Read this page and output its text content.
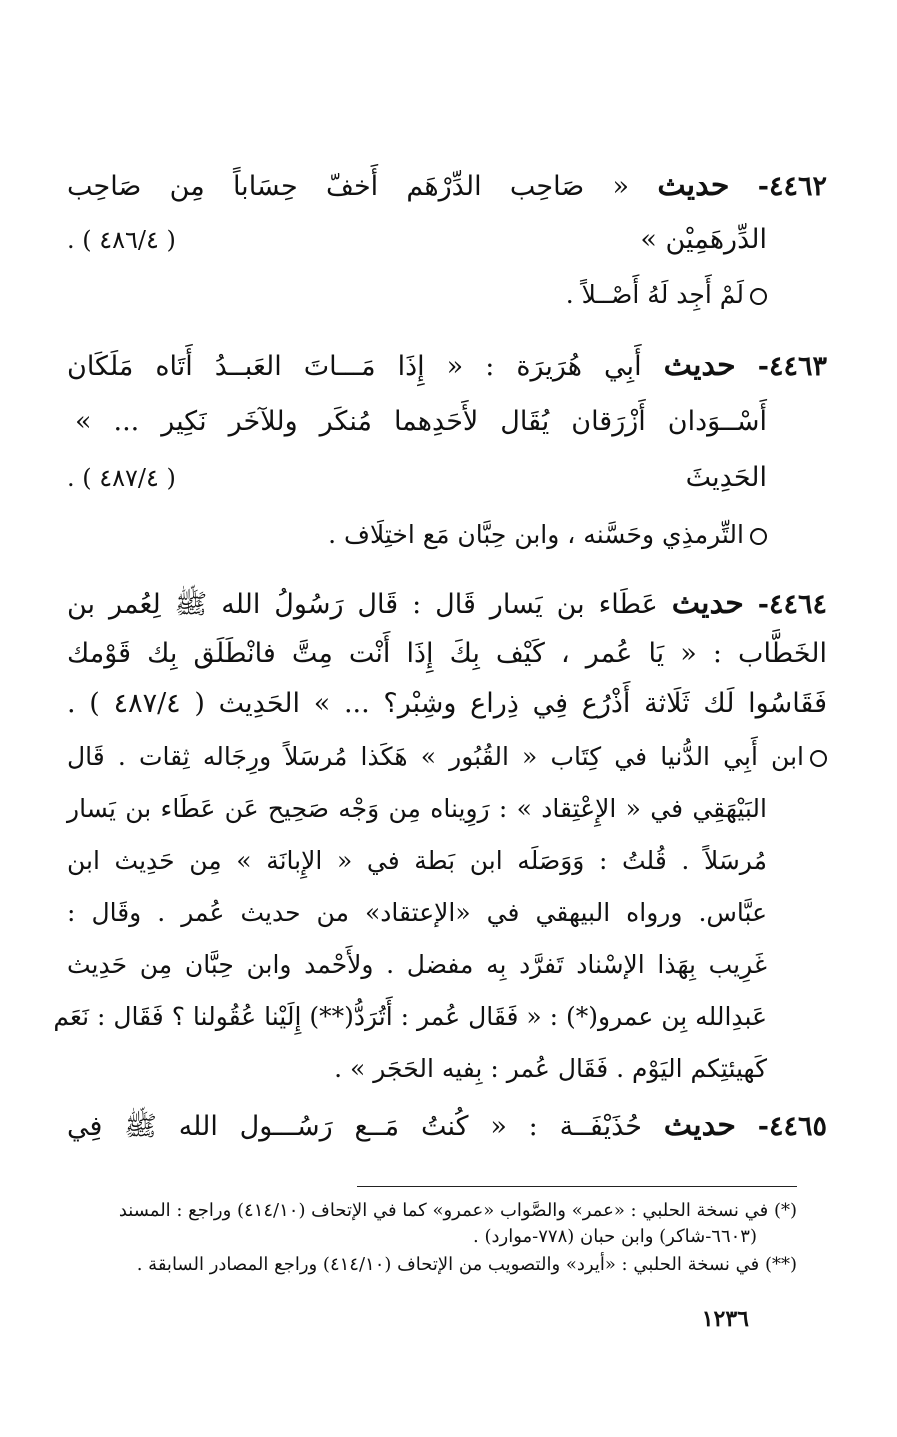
٤٤٦٢- حديث « صَاحِب الدِّرْهَم أَخفّ حِسَاباً مِن صَاحِب
الدِّرهَمِيْن »
( ٤٨٦/٤ ) .
لَمْ أَجِد لَهُ أَصْــلاً .
٤٤٦٣- حديث أَبِي هُرَيرَة : « إِذَا مَـــاتَ العَبــدُ أَتَاه مَلَكَان
أَسْــوَدان أَزْرَقان يُقَال لأَحَدِهما مُنكَر وللآخَر نَكِير ... »
الحَدِيثَ
( ٤٨٧/٤ ) .
التِّرمذِي وحَسَّنه ، وابن حِبَّان مَع اختِلَاف .
٤٤٦٤- حديث عَطَاء بن يَسار قَال : قَال رَسُولُ الله ﷺ لِعُمر بن
الخَطَّاب : « يَا عُمر ، كَيْف بِكَ إِذَا أَنْت مِتَّ فانْطَلَق بِك قَوْمك
فَقَاسُوا لَك ثَلَاثة أَذْرُع فِي ذِراع وشِبْر؟ ... » الحَدِيث ( ٤٨٧/٤ ) .
ابن أَبِي الدُّنيا في كِتَاب « القُبُور » هَكَذا مُرسَلاً ورِجَاله ثِقات . قَال
البَيْهَقِي في « الإِعْتِقاد » : رَوِيناه مِن وَجْه صَحِيح عَن عَطَاء بن يَسار
مُرسَلاً . قُلتُ : وَوَصَلَه ابن بَطة في « الإِبانَة » مِن حَدِيث ابن
عبَّاس. ورواه البيهقي في «الإعتقاد» من حديث عُمر . وقَال :
غَرِيب بِهَذا الإسْناد تَفرَّد بِه مفضل . ولأَحْمد وابن حِبَّان مِن حَدِيث
عَبدِالله بِن عمرو(*) : « فَقَال عُمر : أَتُرَدُّ(**) إِلَيْنا عُقُولنا ؟ فَقَال : نَعَم
كَهيئتِكم اليَوْم . فَقَال عُمر : بِفيه الحَجَر » .
٤٤٦٥- حديث حُذَيْفَــة : « كُنتُ مَــع رَسُـــول الله ﷺ فِي
(*) في نسخة الحلبي : «عمر» والصَّواب «عمرو» كما في الإتحاف (٤١٤/١٠) وراجع : المسند
(٦٦٠٣-شاكر) وابن حبان (٧٧٨-موارد) .
(**) في نسخة الحلبي : «أيرد» والتصويب من الإتحاف (٤١٤/١٠) وراجع المصادر السابقة .
١٢٣٦
